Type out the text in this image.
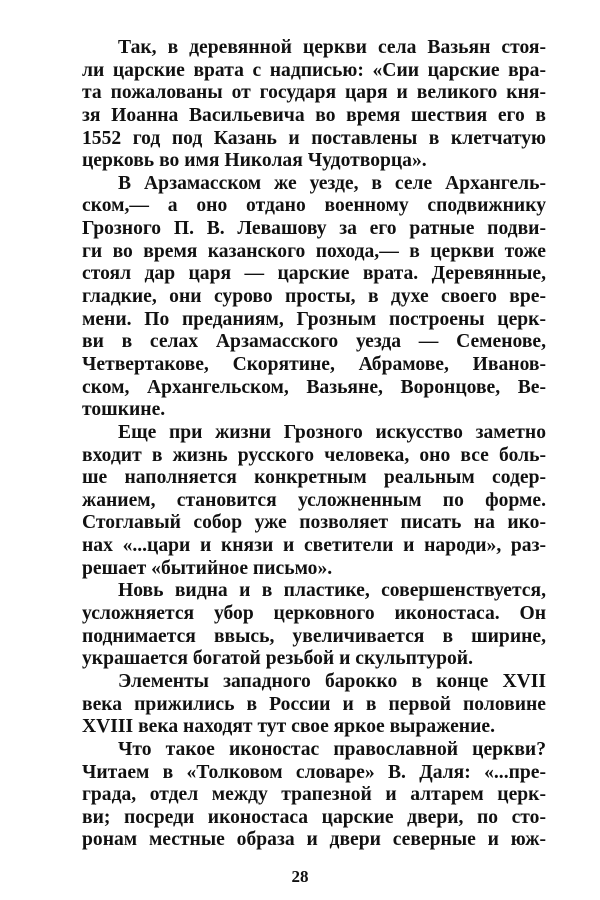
Так, в деревянной церкви села Вазьян стоя-
ли царские врата с надписью: «Сии царские вра-
та пожалованы от государя царя и великого кня-
зя Иоанна Васильевича во время шествия его в
1552 год под Казань и поставлены в клетчатую
церковь во имя Николая Чудотворца».
В Арзамасском же уезде, в селе Архангель-
ском,— а оно отдано военному сподвижнику
Грозного П. В. Левашову за его ратные подви-
ги во время казанского похода,— в церкви тоже
стоял дар царя — царские врата. Деревянные,
гладкие, они сурово просты, в духе своего вре-
мени. По преданиям, Грозным построены церк-
ви в селах Арзамасского уезда — Семенове,
Четвертакове, Скорятине, Абрамове, Иванов-
ском, Архангельском, Вазьяне, Воронцове, Ве-
тошкине.
Еще при жизни Грозного искусство заметно
входит в жизнь русского человека, оно все боль-
ше наполняется конкретным реальным содер-
жанием, становится усложненным по форме.
Стоглавый собор уже позволяет писать на ико-
нах «...цари и князи и светители и народи», раз-
решает «бытийное письмо».
Новь видна и в пластике, совершенствуется,
усложняется убор церковного иконостаса. Он
поднимается ввысь, увеличивается в ширине,
украшается богатой резьбой и скульптурой.
Элементы западного барокко в конце XVII
века прижились в России и в первой половине
XVIII века находят тут свое яркое выражение.
Что такое иконостас православной церкви?
Читаем в «Толковом словаре» В. Даля: «...пре-
града, отдел между трапезной и алтарем церк-
ви; посреди иконостаса царские двери, по сто-
ронам местные образа и двери северные и юж-
28
